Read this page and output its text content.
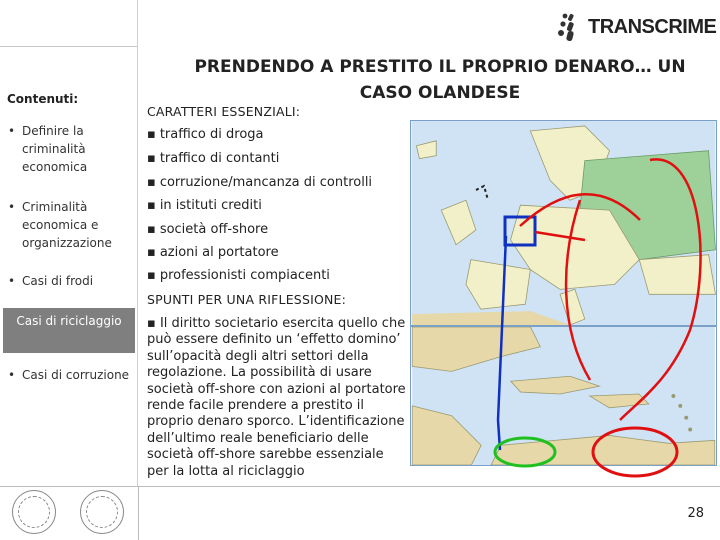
Contenuti:
• Definire la criminalità economica
• Criminalità economica e organizzazione
• Casi di frodi
Casi di riciclaggio
• Casi di corruzione
TRANSCRIME
PRENDENDO A PRESTITO IL PROPRIO DENARO… UN CASO OLANDESE
CARATTERI ESSENZIALI:
▪ traffico di droga
▪ traffico di contanti
▪ corruzione/mancanza di controlli
▪ in istituti crediti
▪ società off-shore
▪ azioni al portatore
▪ professionisti compiacenti
SPUNTI PER UNA RIFLESSIONE:
▪ Il diritto societario esercita quello che può essere definito un ‘effetto domino’ sull’opacità degli altri settori della regolazione. La possibilità di usare società off-shore con azioni al portatore rende facile prendere a prestito il proprio denaro sporco. L’identificazione dell’ultimo reale beneficiario delle società off-shore sarebbe essenziale per la lotta al riciclaggio
28
